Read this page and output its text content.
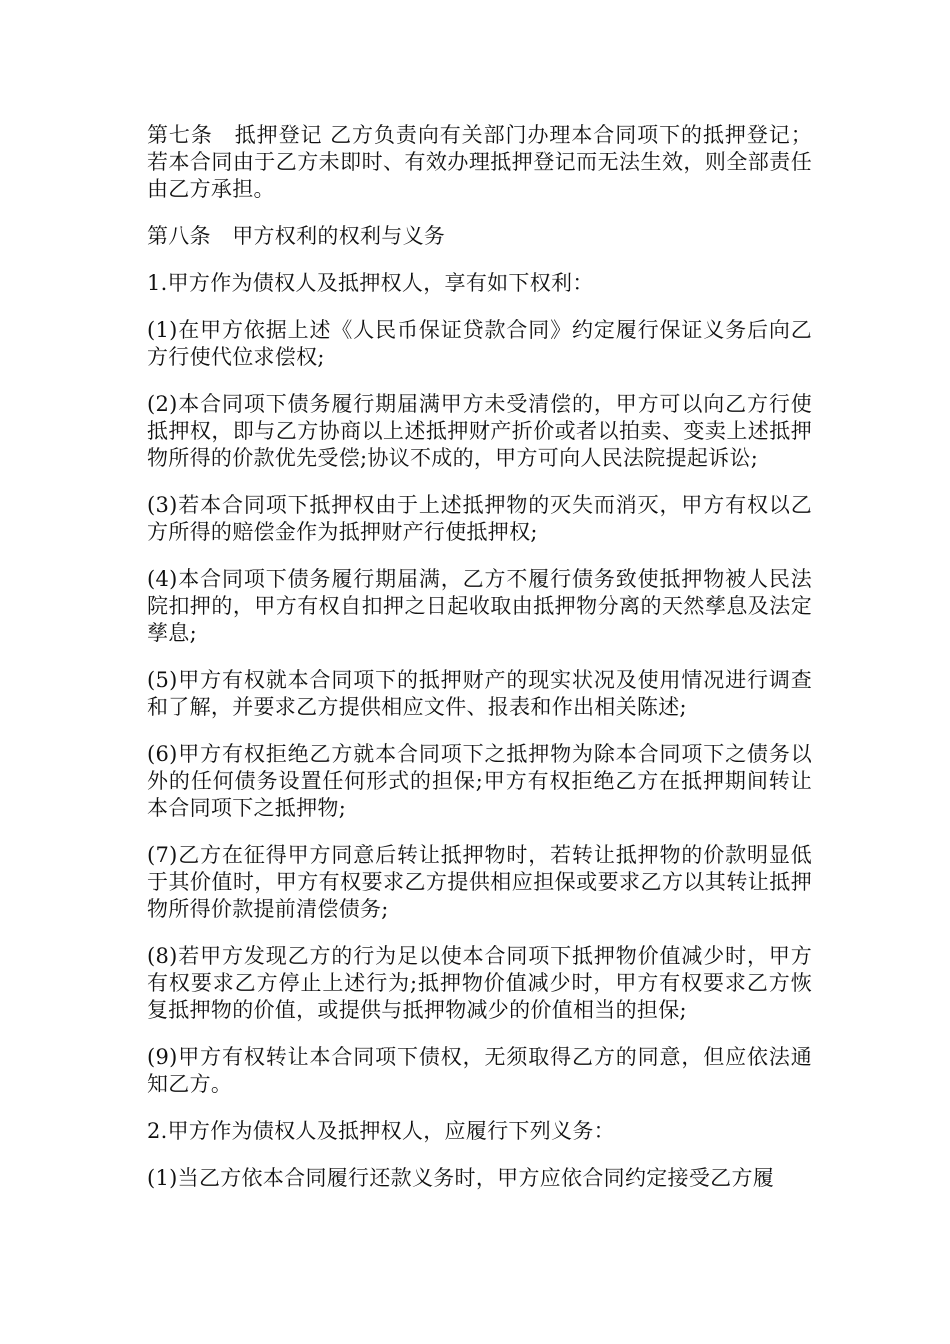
第七条　抵押登记 乙方负责向有关部门办理本合同项下的抵押登记；若本合同由于乙方未即时、有效办理抵押登记而无法生效，则全部责任由乙方承担。

第八条　甲方权利的权利与义务

1.甲方作为债权人及抵押权人，享有如下权利：

(1)在甲方依据上述《人民币保证贷款合同》约定履行保证义务后向乙方行使代位求偿权;

(2)本合同项下债务履行期届满甲方未受清偿的，甲方可以向乙方行使抵押权，即与乙方协商以上述抵押财产折价或者以拍卖、变卖上述抵押物所得的价款优先受偿;协议不成的，甲方可向人民法院提起诉讼;

(3)若本合同项下抵押权由于上述抵押物的灭失而消灭，甲方有权以乙方所得的赔偿金作为抵押财产行使抵押权;

(4)本合同项下债务履行期届满，乙方不履行债务致使抵押物被人民法院扣押的，甲方有权自扣押之日起收取由抵押物分离的天然孳息及法定孳息;

(5)甲方有权就本合同项下的抵押财产的现实状况及使用情况进行调查和了解，并要求乙方提供相应文件、报表和作出相关陈述;

(6)甲方有权拒绝乙方就本合同项下之抵押物为除本合同项下之债务以外的任何债务设置任何形式的担保;甲方有权拒绝乙方在抵押期间转让本合同项下之抵押物;

(7)乙方在征得甲方同意后转让抵押物时，若转让抵押物的价款明显低于其价值时，甲方有权要求乙方提供相应担保或要求乙方以其转让抵押物所得价款提前清偿债务;

(8)若甲方发现乙方的行为足以使本合同项下抵押物价值减少时，甲方有权要求乙方停止上述行为;抵押物价值减少时，甲方有权要求乙方恢复抵押物的价值，或提供与抵押物减少的价值相当的担保;

(9)甲方有权转让本合同项下债权，无须取得乙方的同意，但应依法通知乙方。

2.甲方作为债权人及抵押权人，应履行下列义务：

(1)当乙方依本合同履行还款义务时，甲方应依合同约定接受乙方履
